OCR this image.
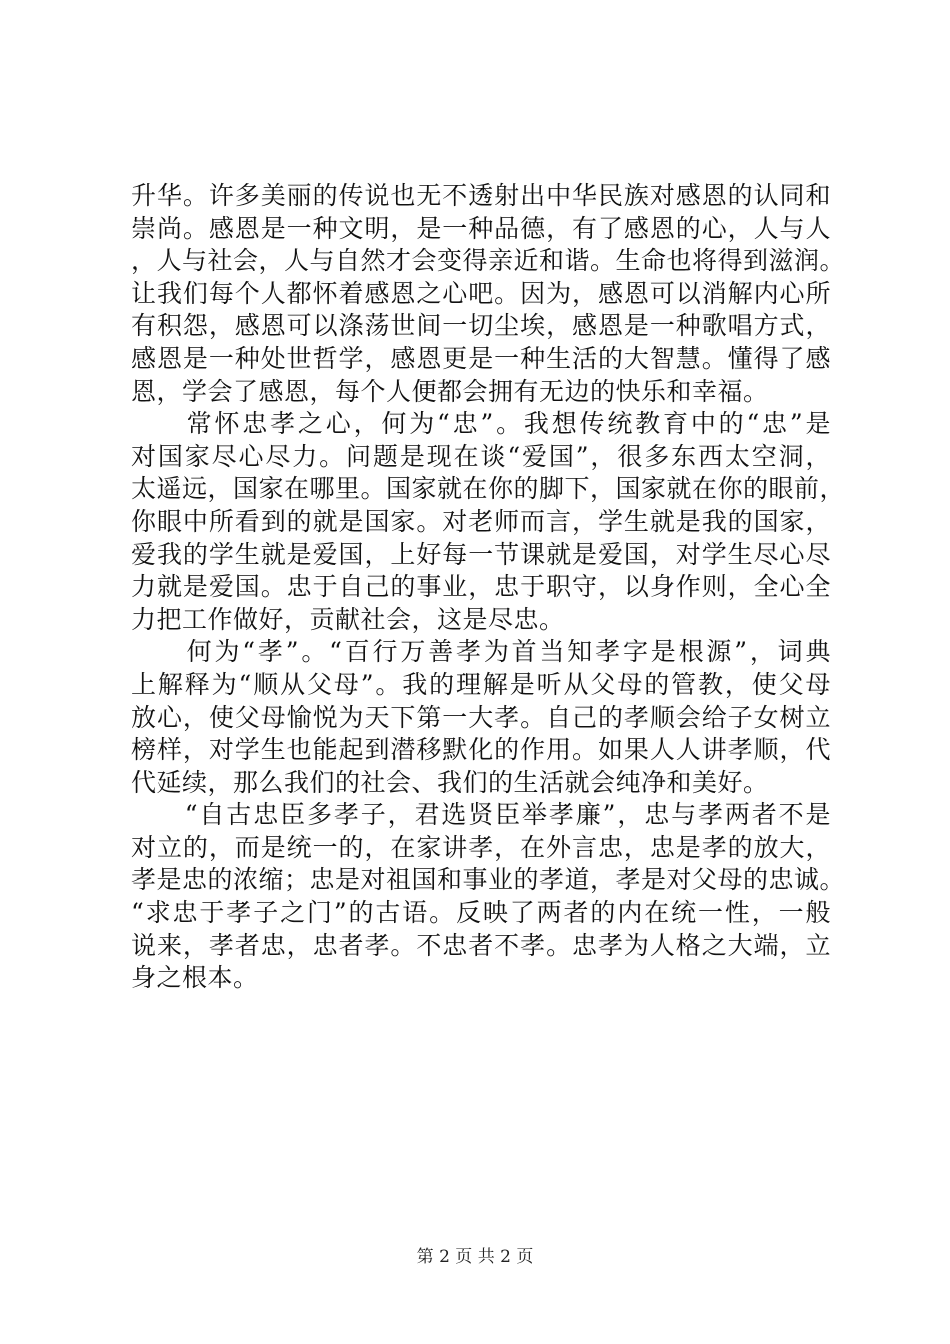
升华。许多美丽的传说也无不透射出中华民族对感恩的认同和
崇尚。感恩是一种文明，是一种品德，有了感恩的心，人与人
，人与社会，人与自然才会变得亲近和谐。生命也将得到滋润。
让我们每个人都怀着感恩之心吧。因为，感恩可以消解内心所
有积怨，感恩可以涤荡世间一切尘埃，感恩是一种歌唱方式，
感恩是一种处世哲学，感恩更是一种生活的大智慧。懂得了感
恩，学会了感恩，每个人便都会拥有无边的快乐和幸福。
　　常怀忠孝之心，何为“忠”。我想传统教育中的“忠”是
对国家尽心尽力。问题是现在谈“爱国”，很多东西太空洞，
太遥远，国家在哪里。国家就在你的脚下，国家就在你的眼前，
你眼中所看到的就是国家。对老师而言，学生就是我的国家，
爱我的学生就是爱国，上好每一节课就是爱国，对学生尽心尽
力就是爱国。忠于自己的事业，忠于职守，以身作则，全心全
力把工作做好，贡献社会，这是尽忠。
　　何为“孝”。“百行万善孝为首当知孝字是根源”，词典
上解释为“顺从父母”。我的理解是听从父母的管教，使父母
放心，使父母愉悦为天下第一大孝。自己的孝顺会给子女树立
榜样，对学生也能起到潜移默化的作用。如果人人讲孝顺，代
代延续，那么我们的社会、我们的生活就会纯净和美好。
　　“自古忠臣多孝子，君选贤臣举孝廉”，忠与孝两者不是
对立的，而是统一的，在家讲孝，在外言忠，忠是孝的放大，
孝是忠的浓缩；忠是对祖国和事业的孝道，孝是对父母的忠诚。
“求忠于孝子之门”的古语。反映了两者的内在统一性，一般
说来，孝者忠，忠者孝。不忠者不孝。忠孝为人格之大端，立
身之根本。
第 2 页 共 2 页
